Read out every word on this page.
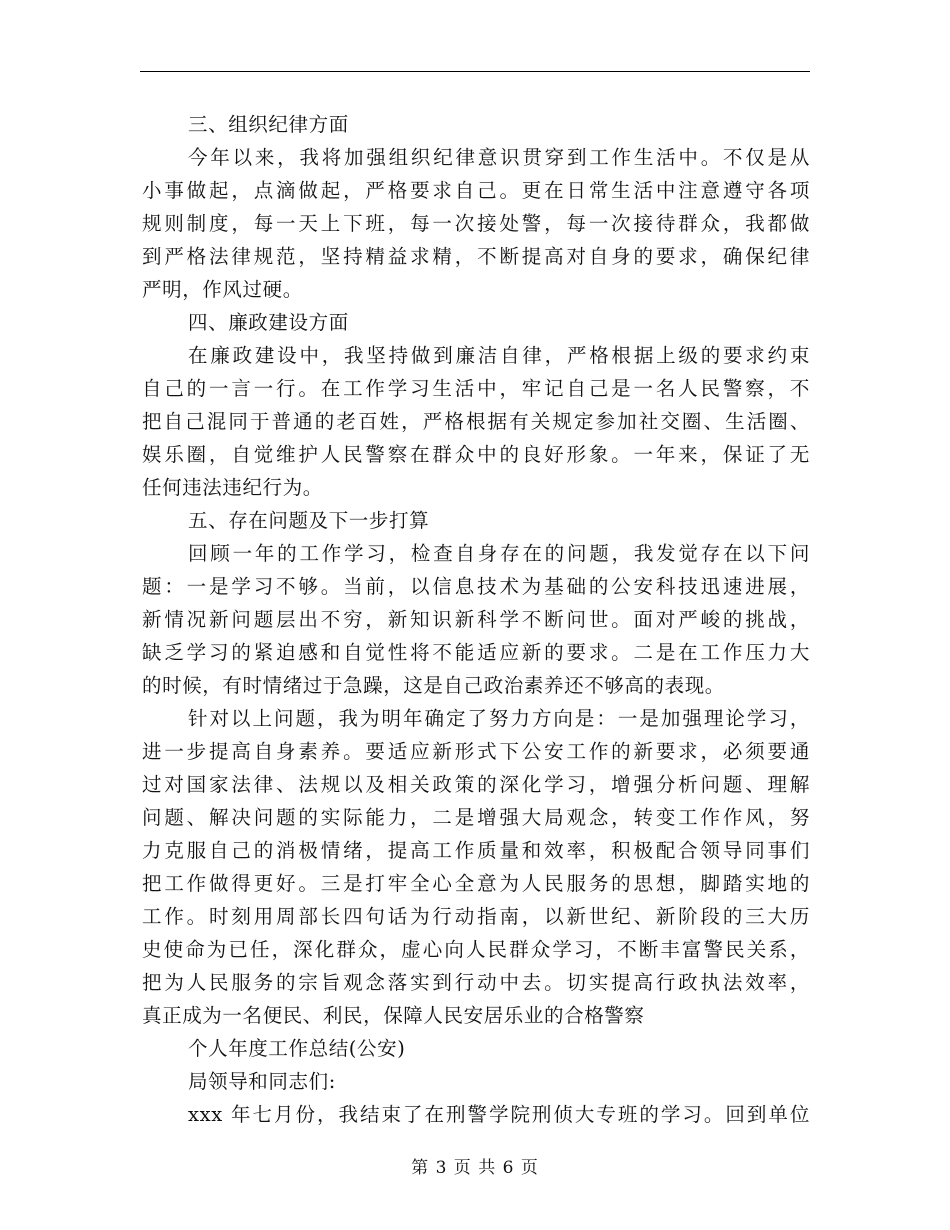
三、组织纪律方面
今年以来，我将加强组织纪律意识贯穿到工作生活中。不仅是从
小事做起，点滴做起，严格要求自己。更在日常生活中注意遵守各项
规则制度，每一天上下班，每一次接处警，每一次接待群众，我都做
到严格法律规范，坚持精益求精，不断提高对自身的要求，确保纪律
严明，作风过硬。
四、廉政建设方面
在廉政建设中，我坚持做到廉洁自律，严格根据上级的要求约束
自己的一言一行。在工作学习生活中，牢记自己是一名人民警察，不
把自己混同于普通的老百姓，严格根据有关规定参加社交圈、生活圈、
娱乐圈，自觉维护人民警察在群众中的良好形象。一年来，保证了无
任何违法违纪行为。
五、存在问题及下一步打算
回顾一年的工作学习，检查自身存在的问题，我发觉存在以下问
题：一是学习不够。当前，以信息技术为基础的公安科技迅速进展，
新情况新问题层出不穷，新知识新科学不断问世。面对严峻的挑战，
缺乏学习的紧迫感和自觉性将不能适应新的要求。二是在工作压力大
的时候，有时情绪过于急躁，这是自己政治素养还不够高的表现。
针对以上问题，我为明年确定了努力方向是：一是加强理论学习，
进一步提高自身素养。要适应新形式下公安工作的新要求，必须要通
过对国家法律、法规以及相关政策的深化学习，增强分析问题、理解
问题、解决问题的实际能力，二是增强大局观念，转变工作作风，努
力克服自己的消极情绪，提高工作质量和效率，积极配合领导同事们
把工作做得更好。三是打牢全心全意为人民服务的思想，脚踏实地的
工作。时刻用周部长四句话为行动指南，以新世纪、新阶段的三大历
史使命为已任，深化群众，虚心向人民群众学习，不断丰富警民关系，
把为人民服务的宗旨观念落实到行动中去。切实提高行政执法效率，
真正成为一名便民、利民，保障人民安居乐业的合格警察
个人年度工作总结(公安)
局领导和同志们:
xxx 年七月份，我结束了在刑警学院刑侦大专班的学习。回到单位
第 3 页 共 6 页
